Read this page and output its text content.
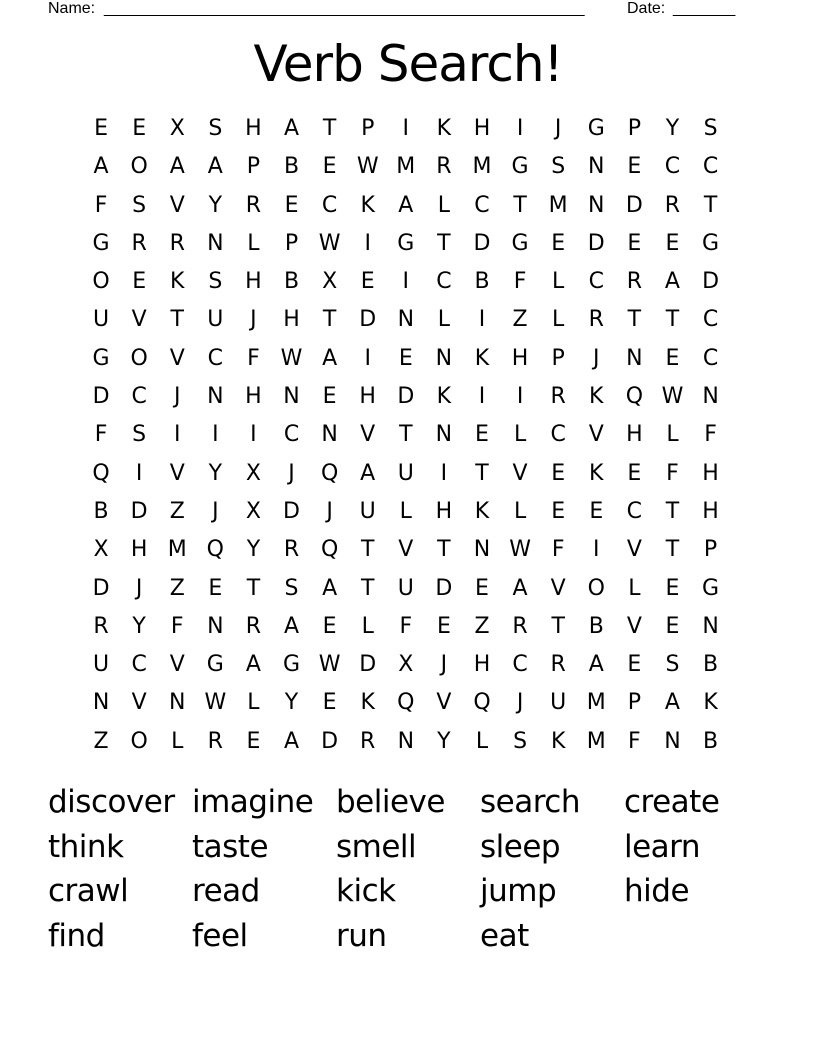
Name: ______________________________________________________	Date: _______
Verb Search!
E	E	X	S	H	A	T	P	I	K	H	I	J	G	P	Y	S
A O A	A	P	B	E W M R M G	S	N	E	C	C
F	S	V	Y	R	E	C	K	A	L	C	T M N D R	T
G R	R	N	L	P W	I	G	T	D G	E	D	E	E	G
O	E	K	S	H	B	X	E	I	C	B	F	L	C	R	A	D
U	V	T	U	J	H	T	D N	L	I	Z	L	R	T	T	C
G O V	C	F W A	I	E	N	K	H	P	J	N	E	C
D C	J	N H N	E	H D	K	I	I	R	K	Q W N
F	S	I	I	I	C	N	V	T	N	E	L	C	V	H	L	F
Q	I	V	Y	X	J	Q A	U	I	T	V	E	K	E	F	H
B	D	Z	J	X	D	J	U	L	H	K	L	E	E	C	T	H
X	H M Q	Y	R Q	T	V	T	N W F	I	V	T	P
D	J	Z	E	T	S	A	T	U D	E	A	V O	L	E	G
R	Y	F	N	R	A	E	L	F	E	Z	R	T	B	V	E	N
U	C	V	G	A	G W D	X	J	H	C	R	A	E	S	B
N	V	N W L	Y	E	K	Q V Q	J	U M P	A	K
Z O	L	R	E	A	D R	N	Y	L	S	K M	F	N	B
discover imagine believe	search	create
think	taste	smell	sleep	learn
crawl	read	kick	jump	hide
find	feel	run	eat
